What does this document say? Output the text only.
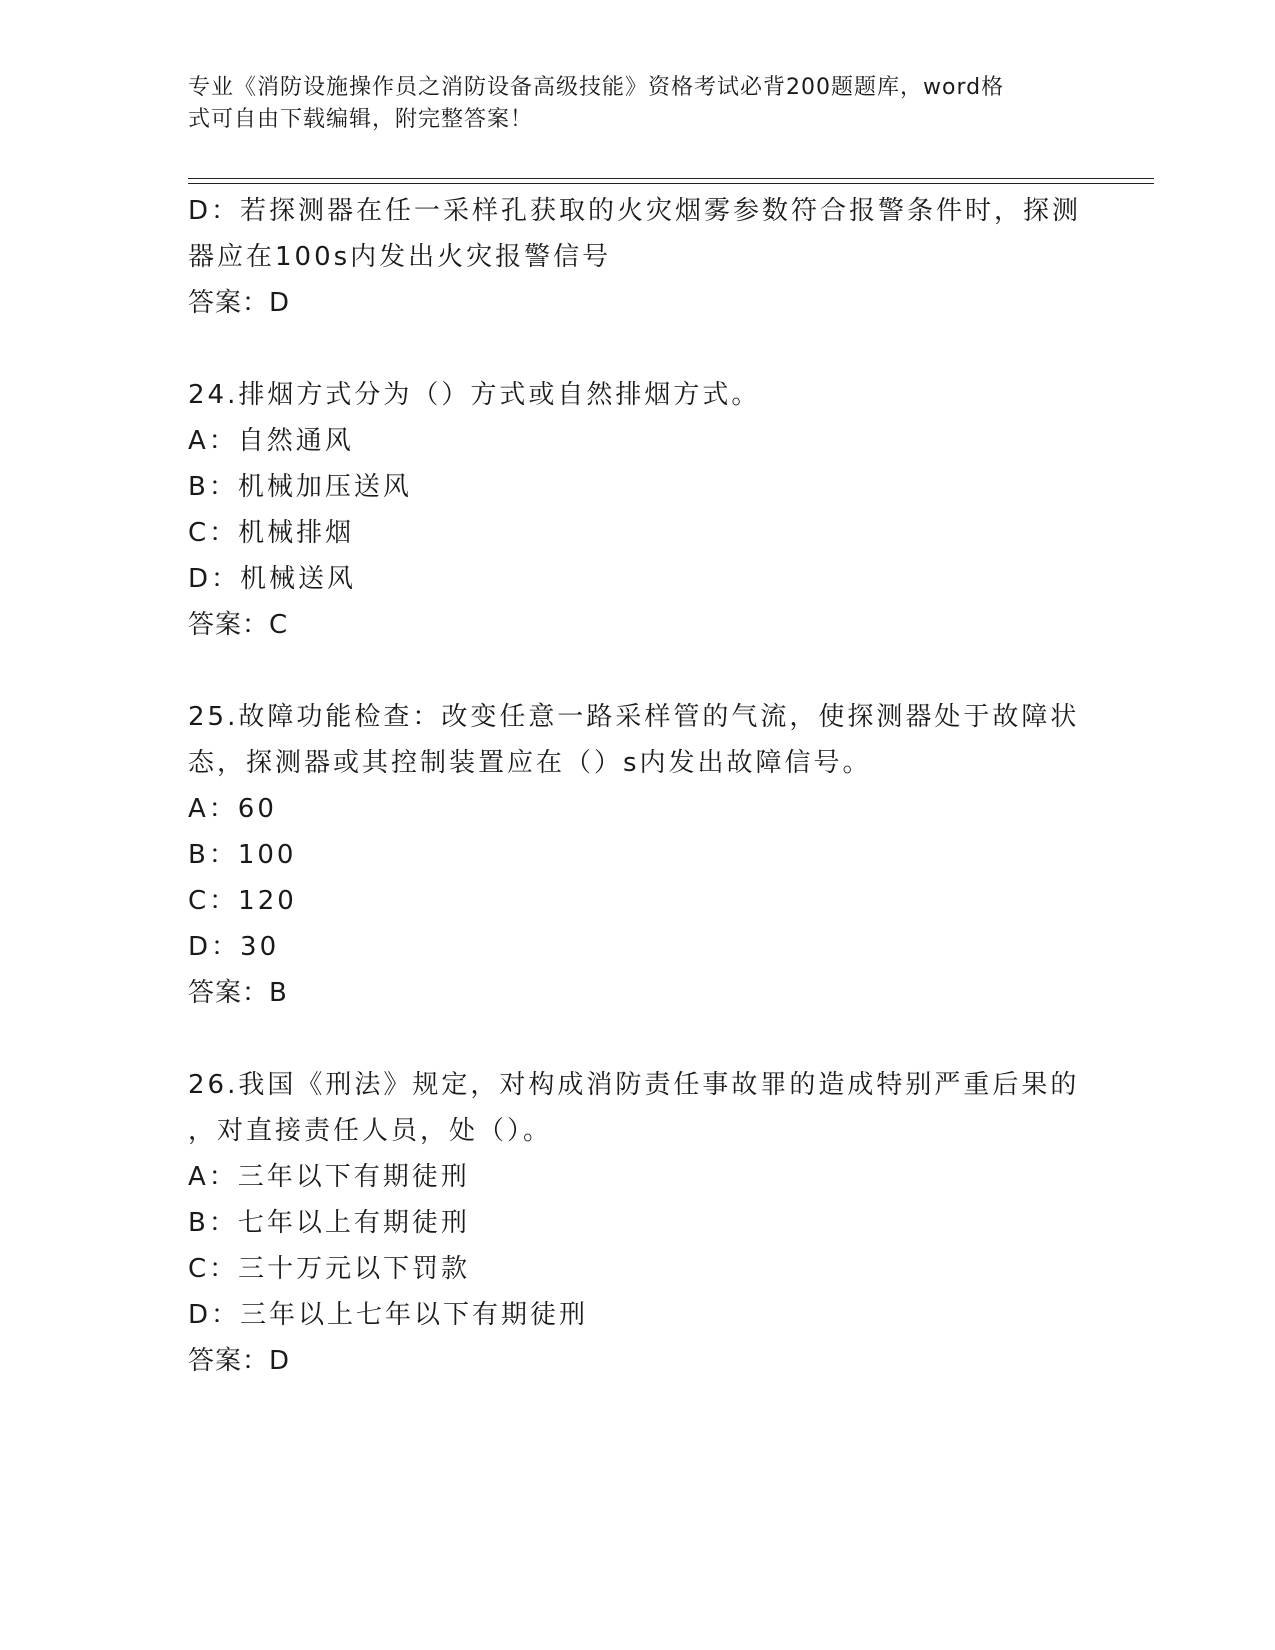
专业《消防设施操作员之消防设备高级技能》资格考试必背200题题库，word格
式可自由下载编辑，附完整答案！
D：若探测器在任一采样孔获取的火灾烟雾参数符合报警条件时，探测
器应在100s内发出火灾报警信号
答案：D
24.排烟方式分为（）方式或自然排烟方式。
A：自然通风
B：机械加压送风
C：机械排烟
D：机械送风
答案：C
25.故障功能检查：改变任意一路采样管的气流，使探测器处于故障状
态，探测器或其控制装置应在（）s内发出故障信号。
A：60
B：100
C：120
D：30
答案：B
26.我国《刑法》规定，对构成消防责任事故罪的造成特别严重后果的
，对直接责任人员，处（）。
A：三年以下有期徒刑
B：七年以上有期徒刑
C：三十万元以下罚款
D：三年以上七年以下有期徒刑
答案：D
